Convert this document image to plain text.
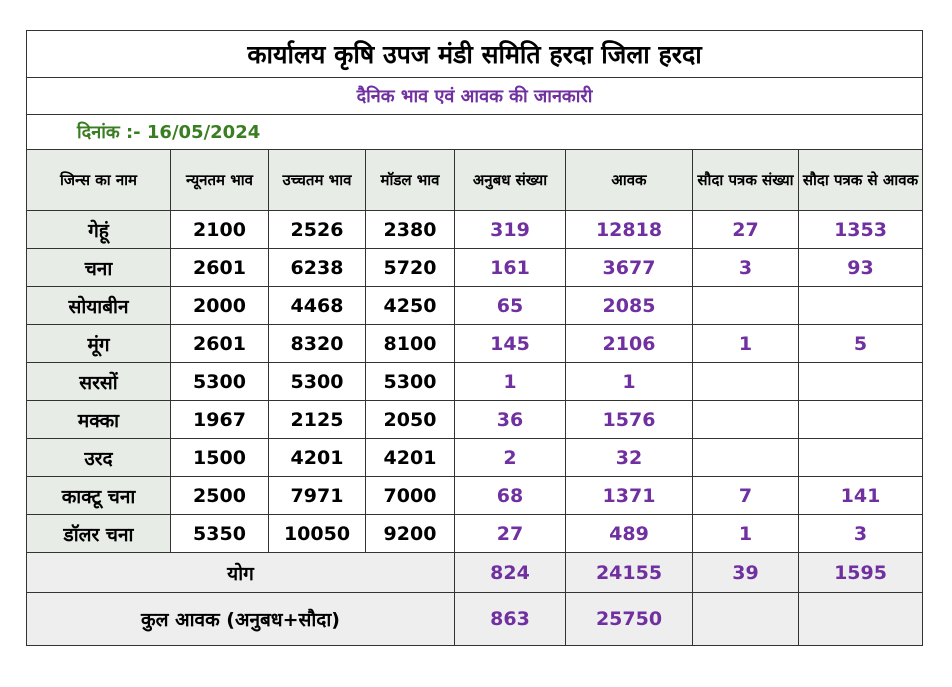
कार्यालय कृषि उपज मंडी समिति हरदा जिला हरदा							
दैनिक भाव एवं आवक की जानकारी							
दिनांक :- 16/05/2024							
जिन्स का नाम	न्यूनतम भाव	उच्चतम भाव	मॉडल भाव	अनुबध संख्या	आवक	सौदा पत्रक संख्या	सौदा पत्रक से आवक
गेहूं	2100	2526	2380	319	12818	27	1353
चना	2601	6238	5720	161	3677	3	93
सोयाबीन	2000	4468	4250	65	2085		
मूंग	2601	8320	8100	145	2106	1	5
सरसों	5300	5300	5300	1	1		
मक्का	1967	2125	2050	36	1576		
उरद	1500	4201	4201	2	32		
काक्टू चना	2500	7971	7000	68	1371	7	141
डॉलर चना	5350	10050	9200	27	489	1	3
योग				824	24155	39	1595
कुल आवक (अनुबध+सौदा)				863	25750		
